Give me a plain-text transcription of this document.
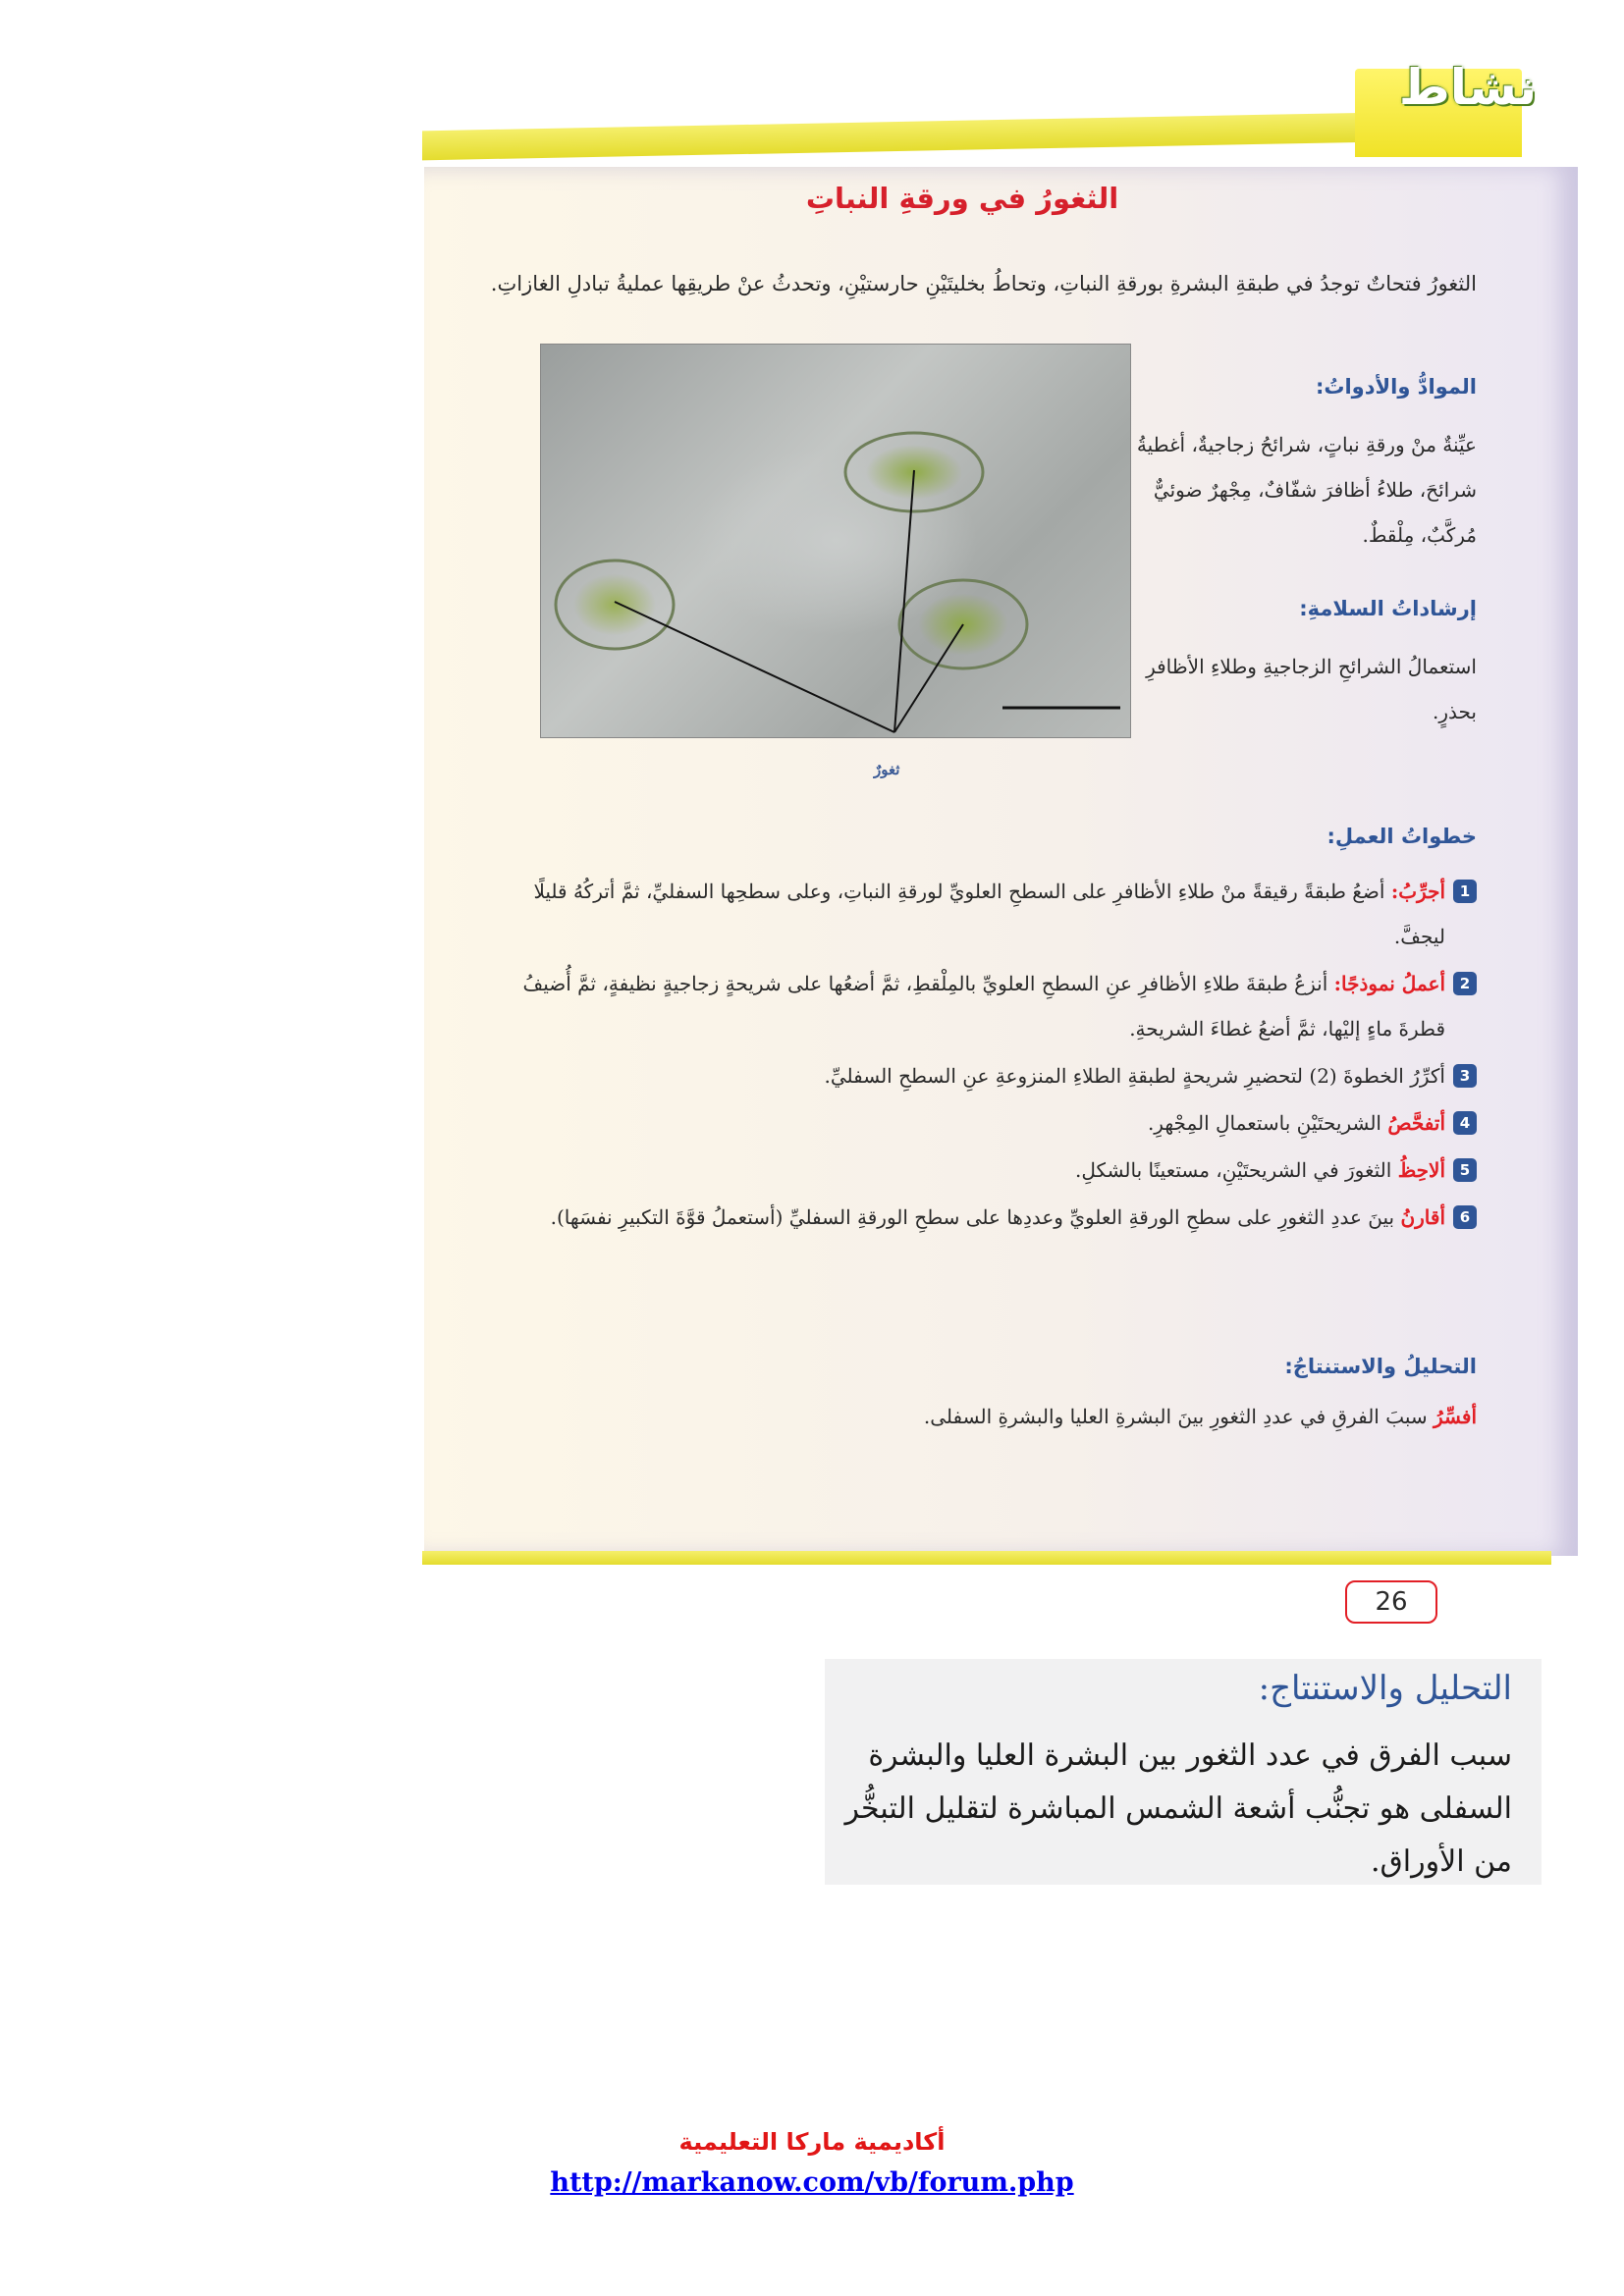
نشاط
الثغورُ في ورقةِ النباتِ
الثغورُ فتحاتٌ توجدُ في طبقةِ البشرةِ بورقةِ النباتِ، وتحاطُ بخليتَيْنِ حارستيْنِ، وتحدثُ عنْ طريقِها عمليةُ تبادلِ الغازاتِ.
ثغورٌ
الموادُّ والأدواتُ:
عيِّنةٌ منْ ورقةِ نباتٍ، شرائحُ زجاجيةٌ، أغطيةُ شرائحَ، طلاءُ أظافرَ شفّافٌ، مِجْهرٌ ضوئيٌّ مُركَّبٌ، مِلْقطٌ.
إرشاداتُ السلامةِ:
استعمالُ الشرائحِ الزجاجيةِ وطلاءِ الأظافرِ بحذرٍ.
خطواتُ العملِ:
1
أجرِّبُ: أضعُ طبقةً رقيقةً منْ طلاءِ الأظافرِ على السطحِ العلويِّ لورقةِ النباتِ، وعلى سطحِها السفليِّ، ثمَّ أتركُهُ قليلًا ليجفَّ.
2
أعملُ نموذجًا: أنزعُ طبقةَ طلاءِ الأظافرِ عنِ السطحِ العلويِّ بالمِلْقطِ، ثمَّ أضعُها على شريحةٍ زجاجيةٍ نظيفةٍ، ثمَّ أُضيفُ قطرةَ ماءٍ إليْها، ثمَّ أضعُ غطاءَ الشريحةِ.
3
أكرِّرُ الخطوةَ (2) لتحضيرِ شريحةٍ لطبقةِ الطلاءِ المنزوعةِ عنِ السطحِ السفليِّ.
4
أتفحَّصُ الشريحتَيْنِ باستعمالِ المِجْهرِ.
5
ألاحِظُ الثغورَ في الشريحتَيْنِ، مستعينًا بالشكلِ.
6
أقارنُ بينَ عددِ الثغورِ على سطحِ الورقةِ العلويِّ وعددِها على سطحِ الورقةِ السفليِّ (أستعملُ قوَّةَ التكبيرِ نفسَها).
التحليلُ والاستنتاجُ:
أفسِّرُ سببَ الفرقِ في عددِ الثغورِ بينَ البشرةِ العليا والبشرةِ السفلى.
26
التحليل والاستنتاج:
سبب الفرق في عدد الثغور بين البشرة العليا والبشرة السفلى هو تجنُّب أشعة الشمس المباشرة لتقليل التبخُّر من الأوراق.
أكاديمية ماركا التعليمية
http://markanow.com/vb/forum.php
